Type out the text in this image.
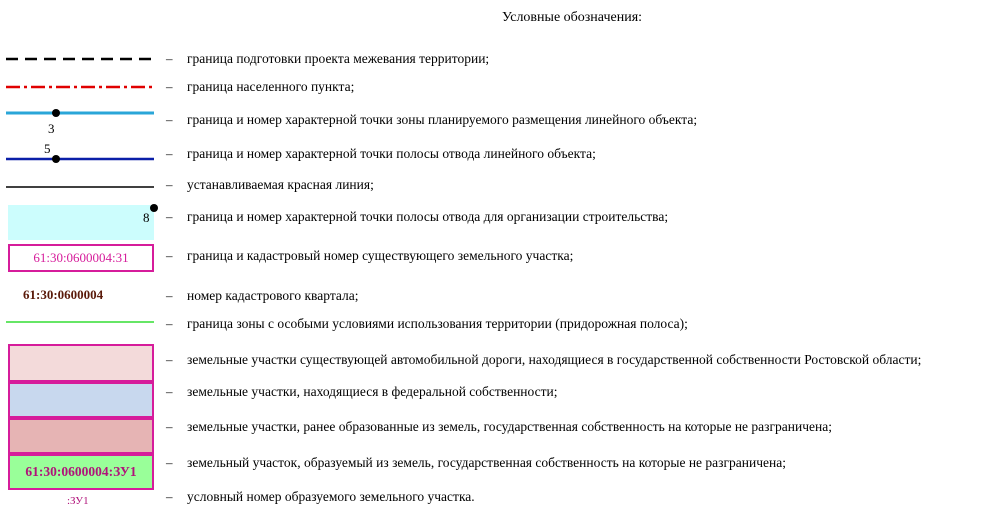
Условные обозначения:
– граница подготовки проекта межевания территории;
– граница населенного пункта;
3
– граница и номер характерной точки зоны планируемого размещения линейного объекта;
5	– граница и номер характерной точки полосы отвода линейного объекта;
– устанавливаемая красная линия;
8 – граница и номер характерной точки полосы отвода для организации строительства;
61:30:0600004:31	– граница и кадастровый номер существующего земельного участка;
61:30:0600004	– номер кадастрового квартала;
– граница зоны с особыми условиями использования территории (придорожная полоса);
– земельные участки существующей автомобильной дороги, находящиеся в государственной собственности Ростовской области;
– земельные участки, находящиеся в федеральной собственности;
– земельные участки, ранее образованные из земель, государственная собственность на которые не разграничена;
61:30:0600004:ЗУ1
– земельный участок, образуемый из земель, государственная собственность на которые не разграничена;
:ЗУ1	– условный номер образуемого земельного участка.
